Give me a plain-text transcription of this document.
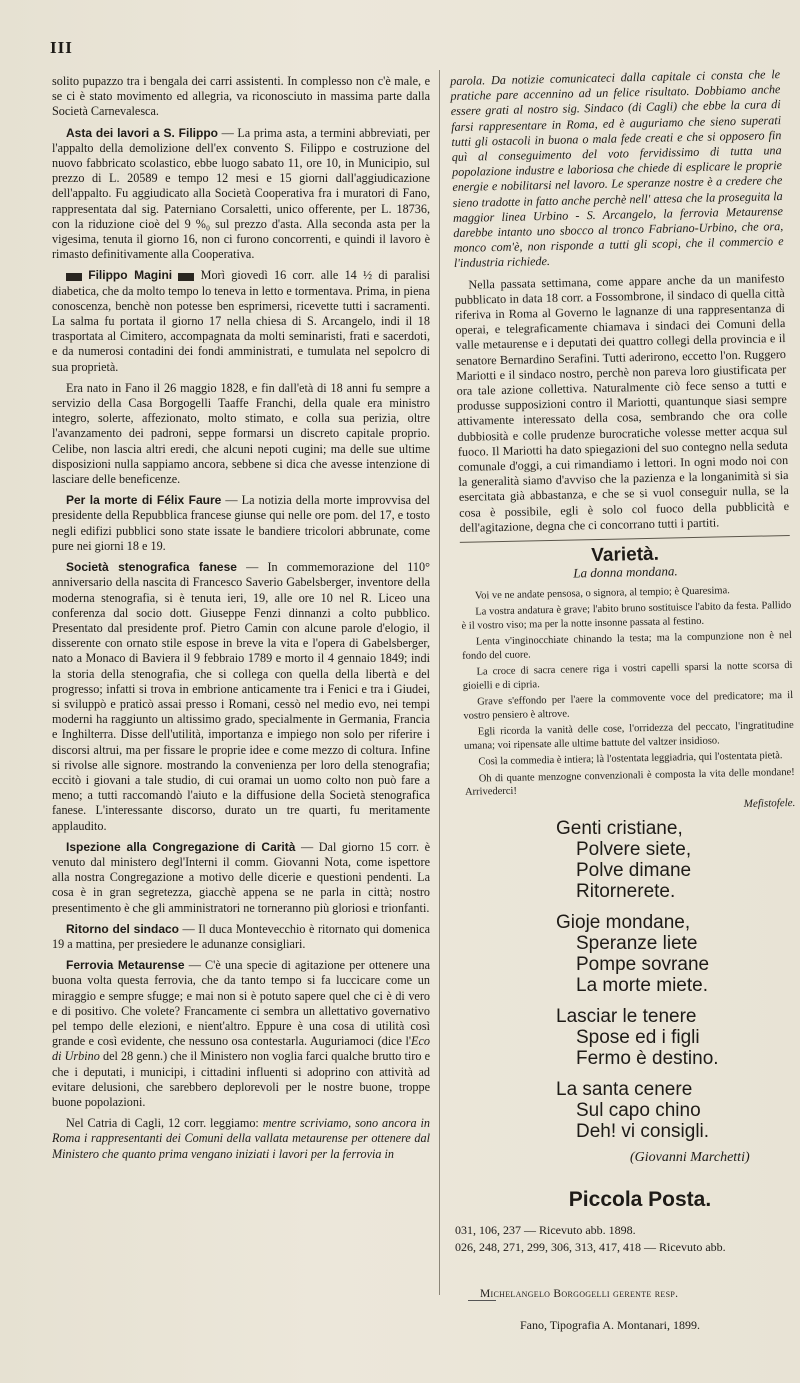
III

solito pupazzo tra i bengala dei carri assistenti. In complesso non c'è male, e se ci è stato movimento ed allegria, va riconosciuto in massima parte dalla Società Carnevalesca.

Asta dei lavori a S. Filippo — La prima asta, a termini abbreviati, per l'appalto della demolizione dell'ex convento S. Filippo e costruzione del nuovo fabbricato scolastico, ebbe luogo sabato 11, ore 10, in Municipio, sul prezzo di L. 20589 e tempo 12 mesi e 15 giorni dall'aggiudicazione dell'appalto. Fu aggiudicato alla Società Cooperativa fra i muratori di Fano, rappresentata dal sig. Paterniano Corsaletti, unico offerente, per L. 18736, con la riduzione cioè del 9 %₀ sul prezzo d'asta. Alla seconda asta per la vigesima, tenuta il giorno 16, non ci furono concorrenti, e quindi il lavoro è rimasto definitivamente alla Cooperativa.

Filippo Magini  Morì giovedì 16 corr. alle 14 ½ di paralisi diabetica, che da molto tempo lo teneva in letto e tormentava. Prima, in piena conoscenza, benchè non potesse ben esprimersi, ricevette tutti i sacramenti. La salma fu portata il giorno 17 nella chiesa di S. Arcangelo, indi il 18 trasportata al Cimitero, accompagnata da molti seminaristi, frati e sacerdoti, e da numerosi contadini dei fondi amministrati, e tumulata nel sepolcro di sua proprietà.

Era nato in Fano il 26 maggio 1828, e fin dall'età di 18 anni fu sempre a servizio della Casa Borgogelli Taaffe Franchi, della quale era ministro integro, solerte, affezionato, molto stimato, e colla sua perizia, oltre l'avanzamento dei padroni, seppe formarsi un discreto capitale proprio. Celibe, non lascia altri eredi, che alcuni nepoti cugini; ma delle sue ultime disposizioni nulla sappiamo ancora, sebbene si dica che avesse intenzione di lasciare delle beneficenze.

Per la morte di Félix Faure — La notizia della morte improvvisa del presidente della Repubblica francese giunse qui nelle ore pom. del 17, e tosto negli edifizi pubblici sono state issate le bandiere tricolori abbrunate, come pure nei giorni 18 e 19.

Società stenografica fanese — In commemorazione del 110° anniversario della nascita di Francesco Saverio Gabelsberger, inventore della moderna stenografia, si è tenuta ieri, 19, alle ore 10 nel R. Liceo una conferenza dal socio dott. Giuseppe Fenzi dinnanzi a colto pubblico. Presentato dal presidente prof. Pietro Camin con alcune parole d'elogio, il disserente con ornato stile espose in breve la vita e l'opera di Gabelsberger, nato a Monaco di Baviera il 9 febbraio 1789 e morto il 4 gennaio 1849; indi la storia della stenografia, che si collega con quella della libertà e del progresso; infatti si trova in embrione anticamente tra i Fenici e tra i Giudei, si sviluppò e praticò assai presso i Romani, cessò nel medio evo, nei tempi moderni ha raggiunto un altissimo grado, specialmente in Germania, Francia e Inghilterra. Disse dell'utilità, importanza e impiego non solo per riferire i discorsi altrui, ma per fissare le proprie idee e come mezzo di coltura. Infine si rivolse alle signore. mostrando la convenienza per loro della stenografia; eccitò i giovani a tale studio, di cui oramai un uomo colto non può fare a meno; a tutti raccomandò l'aiuto e la diffusione della Società stenografica fanese. L'interessante discorso, durato un tre quarti, fu meritamente applaudito.

Ispezione alla Congregazione di Carità — Dal giorno 15 corr. è venuto dal ministero degl'Interni il comm. Giovanni Nota, come ispettore alla nostra Congregazione a motivo delle dicerie e questioni pendenti. La cosa è in gran segretezza, giacchè appena se ne parla in città; nostro presentimento è che gli amministratori ne torneranno più gloriosi e trionfanti.

Ritorno del sindaco — Il duca Montevecchio è ritornato qui domenica 19 a mattina, per presiedere le adunanze consigliari.

Ferrovia Metaurense — C'è una specie di agitazione per ottenere una buona volta questa ferrovia, che da tanto tempo si fa luccicare come un miraggio e sempre sfugge; e mai non si è potuto sapere quel che ci è di vero e di positivo. Che volete? Francamente ci sembra un allettativo governativo pel tempo delle elezioni, e nient'altro. Eppure è una cosa di utilità così grande e così evidente, che nessuno osa contestarla. Auguriamoci (dice l'Eco di Urbino del 28 genn.) che il Ministero non voglia farci qualche brutto tiro e che i deputati, i municipi, i cittadini influenti si adoprino con attività ad evitare delusioni, che sarebbero deplorevoli per le nostre buone, troppe buone popolazioni.

Nel Catria di Cagli, 12 corr. leggiamo: mentre scriviamo, sono ancora in Roma i rappresentanti dei Comuni della vallata metaurense per ottenere dal Ministero che quanto prima vengano iniziati i lavori per la ferrovia in

parola. Da notizie comunicateci dalla capitale ci consta che le pratiche pare accennino ad un felice risultato. Dobbiamo anche essere grati al nostro sig. Sindaco (di Cagli) che ebbe la cura di farsi rappresentare in Roma, ed è auguriamo che sieno superati tutti gli ostacoli in buona o mala fede creati e che si opposero fin quì al conseguimento del voto fervidissimo di tutta una popolazione industre e laboriosa che chiede di esplicare le proprie energie e nobilitarsi nel lavoro. Le speranze nostre è a credere che sieno tradotte in fatto anche perchè nell' attesa che la proseguita la maggior linea Urbino - S. Arcangelo, la ferrovia Metaurense darebbe intanto uno sbocco al tronco Fabriano-Urbino, che ora, monco com'è, non risponde a tutti gli scopi, che il commercio e l'industria richiede.

Nella passata settimana, come appare anche da un manifesto pubblicato in data 18 corr. a Fossombrone, il sindaco di quella città riferiva in Roma al Governo le lagnanze di una rappresentanza di operai, e telegraficamente chiamava i sindaci dei Comuni della valle metaurense e i deputati dei quattro collegi della provincia e il senatore Bernardino Serafini. Tutti aderirono, eccetto l'on. Ruggero Mariotti e il sindaco nostro, perchè non pareva loro giustificata per ora tale azione collettiva. Naturalmente ciò fece senso a tutti e produsse supposizioni contro il Mariotti, quantunque siasi sempre attivamente interessato della cosa, sembrando che ora colle dubbiosità e colle prudenze burocratiche volesse metter acqua sul fuoco. Il Mariotti ha dato spiegazioni del suo contegno nella seduta comunale d'oggi, a cui rimandiamo i lettori. In ogni modo noi con la generalità siamo d'avviso che la pazienza e la longanimità si sia esercitata già abbastanza, e che se si vuol conseguir nulla, se la cosa è possibile, egli è solo col fuoco della pubblicità e dell'agitazione, degna che ci concorrano tutti i partiti.

Varietà.
La donna mondana.

Voi ve ne andate pensosa, o signora, al tempio; è Quaresima.

La vostra andatura è grave; l'abito bruno sostituisce l'abito da festa. Pallido è il vostro viso; ma per la notte insonne passata al festino.

Lenta v'inginocchiate chinando la testa; ma la compunzione non è nel fondo del cuore.

La croce di sacra cenere riga i vostri capelli sparsi la notte scorsa di gioielli e di cipria.

Grave s'effondo per l'aere la commovente voce del predicatore; ma il vostro pensiero è altrove.

Egli ricorda la vanità delle cose, l'orridezza del peccato, l'ingratitudine umana; voi ripensate alle ultime battute del valtzer insidioso.

Così la commedia è intiera; là l'ostentata leggiadria, qui l'ostentata pietà.

Oh di quante menzogne convenzionali è composta la vita delle mondane! Arrivederci!

Mefistofele.
Genti cristiane,
Polvere siete,
Polve dimane
Ritornerete.
Gioje mondane,
Speranze liete
Pompe sovrane
La morte miete.
Lasciar le tenere
Spose ed i figli
Fermo è destino.
La santa cenere
Sul capo chino
Deh! vi consigli.
(Giovanni Marchetti)
Piccola Posta.
031, 106, 237 — Ricevuto abb. 1898.
026, 248, 271, 299, 306, 313, 417, 418 — Ricevuto abb.
Michelangelo Borgogelli gerente resp.
Fano, Tipografia A. Montanari, 1899.
